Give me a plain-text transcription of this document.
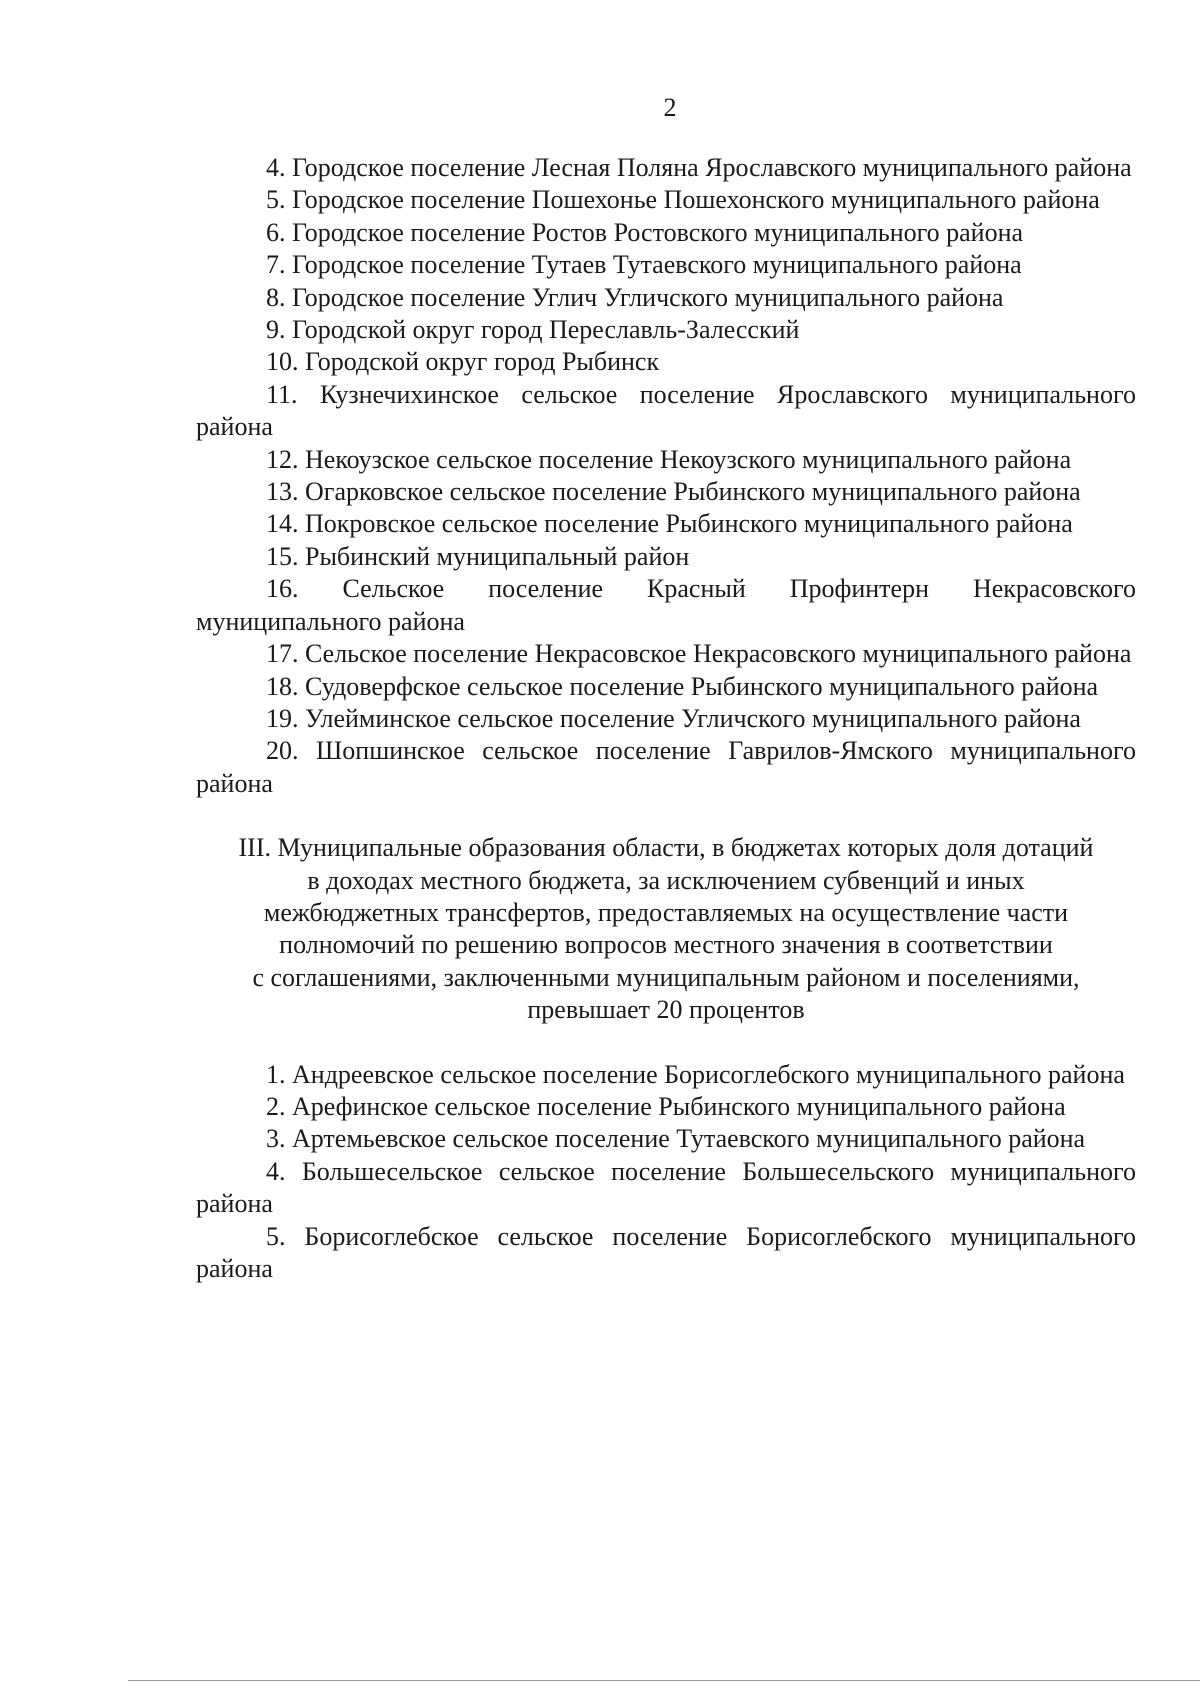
2

4. Городское поселение Лесная Поляна Ярославского муниципального района

5. Городское поселение Пошехонье Пошехонского муниципального района

6. Городское поселение Ростов Ростовского муниципального района

7. Городское поселение Тутаев Тутаевского муниципального района

8. Городское поселение Углич Угличского муниципального района

9. Городской округ город Переславль-Залесский

10. Городской округ город Рыбинск

11. Кузнечихинское сельское поселение Ярославского муниципального района

12. Некоузское сельское поселение Некоузского муниципального района

13. Огарковское сельское поселение Рыбинского муниципального района

14. Покровское сельское поселение Рыбинского муниципального района

15. Рыбинский муниципальный район

16. Сельское поселение Красный Профинтерн Некрасовского муниципального района

17. Сельское поселение Некрасовское Некрасовского муниципального района

18. Судоверфское сельское поселение Рыбинского муниципального района

19. Улейминское сельское поселение Угличского муниципального района

20. Шопшинское сельское поселение Гаврилов-Ямского муниципального района

III. Муниципальные образования области, в бюджетах которых доля дотаций
в доходах местного бюджета, за исключением субвенций и иных
межбюджетных трансфертов, предоставляемых на осуществление части
полномочий по решению вопросов местного значения в соответствии
с соглашениями, заключенными муниципальным районом и поселениями,
превышает 20 процентов

1. Андреевское сельское поселение Борисоглебского муниципального района

2. Арефинское сельское поселение Рыбинского муниципального района

3. Артемьевское сельское поселение Тутаевского муниципального района

4. Большесельское сельское поселение Большесельского муниципального района

5. Борисоглебское сельское поселение Борисоглебского муниципального района
